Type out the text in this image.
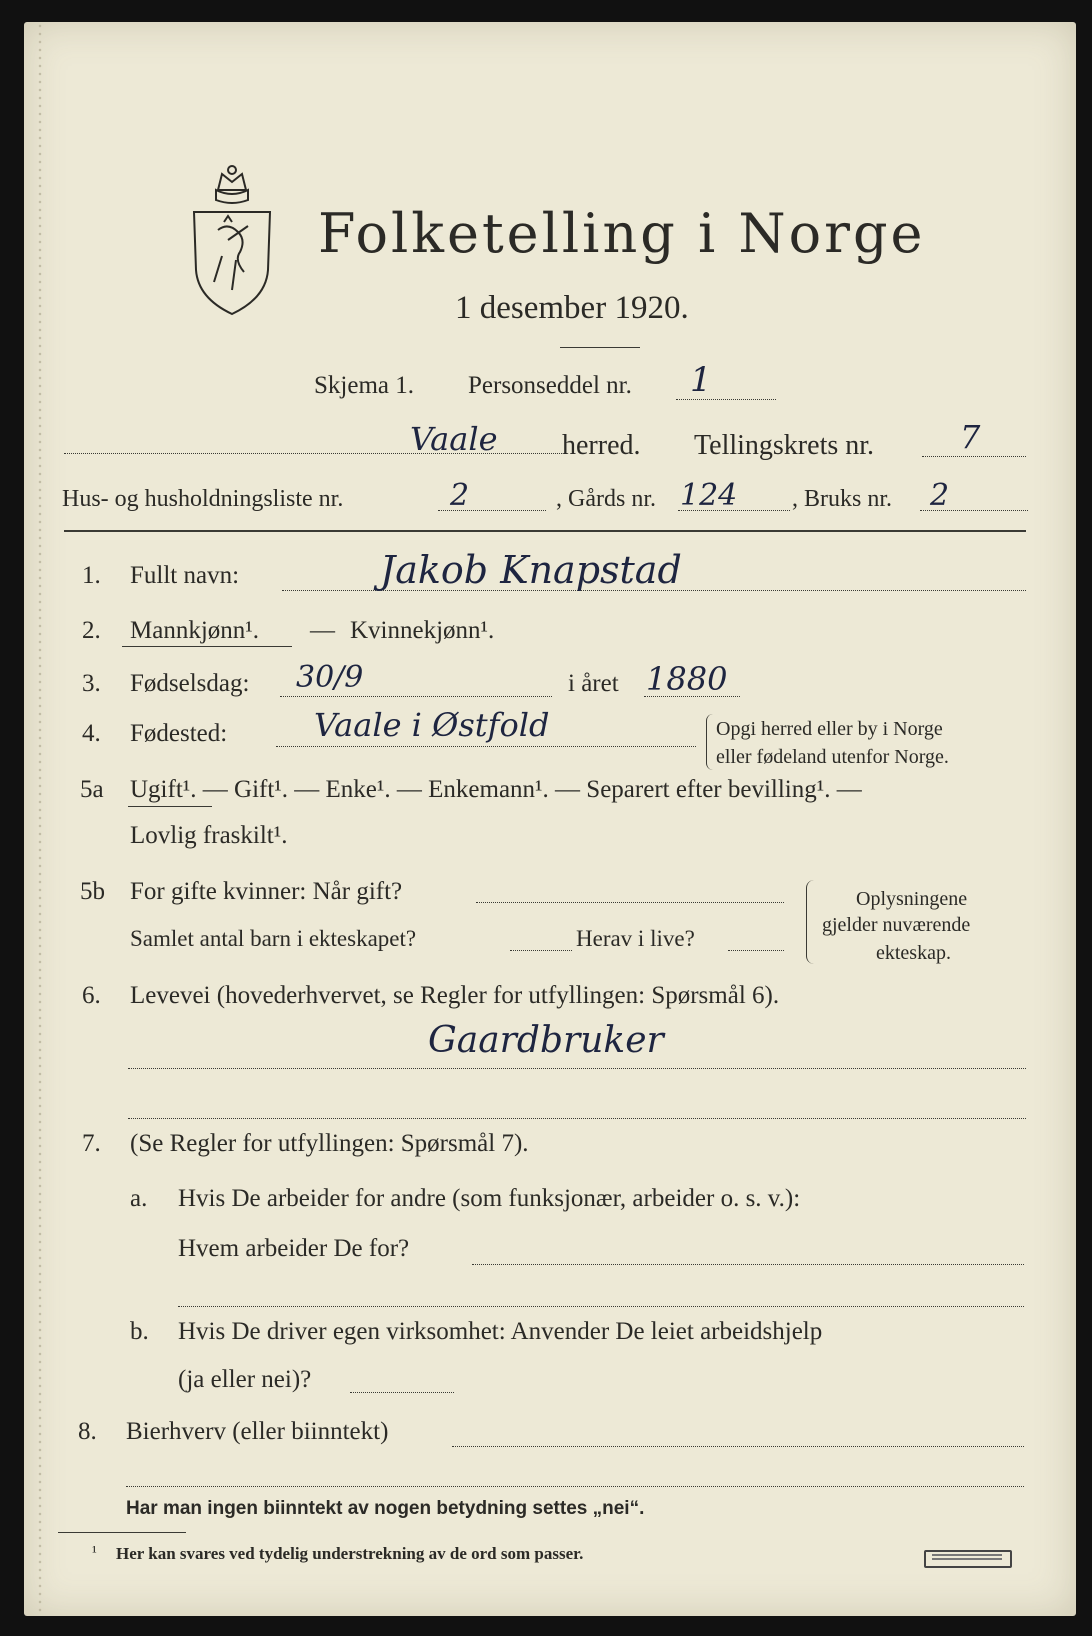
Folketelling i Norge
1 desember 1920.
Skjema 1. Personseddel nr. 1
Vaale herred. Tellingskrets nr.	7
Hus- og husholdningsliste nr.	2	, Gårds nr. 124 , Bruks nr. 2
1. Fullt navn:	Jakob Knapstad
2. Mannkjønn¹. — Kvinnekjønn¹.
3. Fødselsdag: 30/9	i året 1880
4. Fødested:	Vaale i Østfold	Opgi herred eller by i Norge
eller fødeland utenfor Norge.
5a Ugift¹. — Gift¹. — Enke¹. — Enkemann¹. — Separert efter bevilling¹. —
Lovlig fraskilt¹.
5b For gifte kvinner: Når gift?
Samlet antal barn i ekteskapet?	Herav i live?
Oplysningene
gjelder nuværende
ekteskap.
6. Levevei (hovederhvervet, se Regler for utfyllingen: Spørsmål 6).
Gaardbruker
7. (Se Regler for utfyllingen: Spørsmål 7).
a. Hvis De arbeider for andre (som funksjonær, arbeider o. s. v.):
Hvem arbeider De for?
b. Hvis De driver egen virksomhet: Anvender De leiet arbeidshjelp
(ja eller nei)?
8. Bierhverv (eller biinntekt)
Har man ingen biinntekt av nogen betydning settes „nei“.
¹ Her kan svares ved tydelig understrekning av de ord som passer.
